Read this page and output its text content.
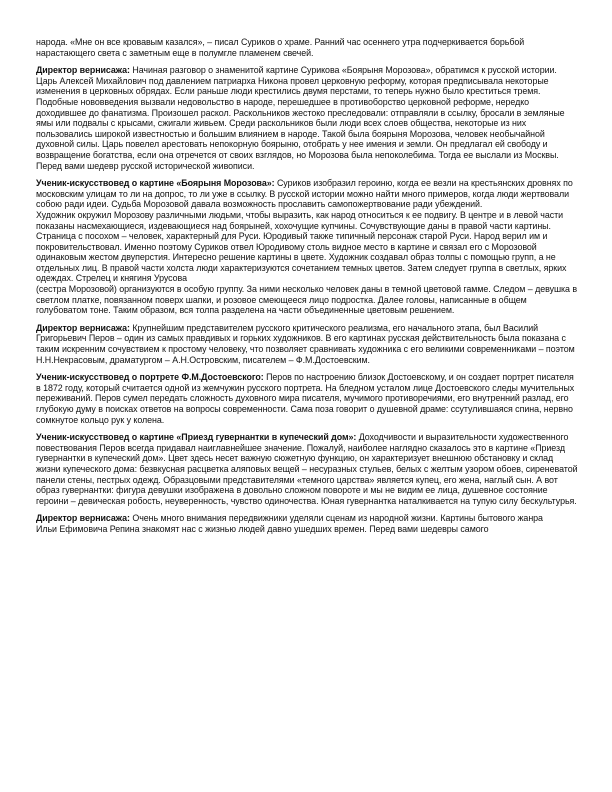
народа. «Мне он все кровавым казался», – писал Суриков о храме. Ранний час осеннего утра подчеркивается борьбой нарастающего света с заметным еще в полумгле пламенем свечей.

Директор вернисажа: Начиная разговор о знаменитой картине Сурикова «Боярыня Морозова», обратимся к русской истории. Царь Алексей Михайлович под давлением патриарха Никона провел церковную реформу, которая предписывала некоторые изменения в церковных обрядах. Если раньше люди крестились двумя перстами, то теперь нужно было креститься тремя. Подобные нововведения вызвали недовольство в народе, перешедшее в противоборство церковной реформе, нередко доходившее до фанатизма. Произошел раскол. Раскольников жестоко преследовали: отправляли в ссылку, бросали в земляные ямы или подвалы с крысами, сжигали живьем. Среди раскольников были люди всех слоев общества, некоторые из них пользовались широкой известностью и большим влиянием в народе. Такой была боярыня Морозова, человек необычайной духовной силы. Царь повелел арестовать непокорную боярыню, отобрать у нее имения и земли. Он предлагал ей свободу и возвращение богатства, если она отречется от своих взглядов, но Морозова была непоколебима. Тогда ее выслали из Москвы.

Перед вами шедевр русской исторической живописи.

Ученик-искусствовед о картине «Боярыня Морозова»: Суриков изобразил героиню, когда ее везли на крестьянских дровнях по московским улицам то ли на допрос, то ли уже в ссылку. В русской истории можно найти много примеров, когда люди жертвовали собою ради идеи. Судьба Морозовой давала возможность прославить самопожертвование ради убеждений.

Художник окружил Морозову различными людьми, чтобы выразить, как народ относиться к ее подвигу. В центре и в левой части показаны насмехающиеся, издевающиеся над боярыней, хохочущие купчины. Сочувствующие даны в правой части картины. Страница с посохом – человек, характерный для Руси. Юродивый также типичный персонаж старой Руси. Народ верил им и покровительствовал. Именно поэтому Суриков отвел Юродивому столь видное место в картине и связал его с Морозовой одинаковым жестом двуперстия. Интересно решение картины в цвете. Художник создавал образ толпы с помощью групп, а не отдельных лиц. В правой части холста люди характеризуются сочетанием темных цветов. Затем следует группа в светлых, ярких одеждах. Стрелец и княгиня Урусова

(сестра Морозовой) организуются в особую группу. За ними несколько человек даны в темной цветовой гамме. Следом – девушка в светлом платке, повязанном поверх шапки, и розовое смеющееся лицо подростка. Далее головы, написанные в общем голубоватом тоне. Таким образом, вся толпа разделена на части объединенные цветовым решением.

Директор вернисажа: Крупнейшим представителем русского критического реализма, его начального этапа, был Василий Григорьевич Перов – один из самых правдивых и горьких художников. В его картинах русская действительность была показана с таким искренним сочувствием к простому человеку, что позволяет сравнивать художника с его великими современниками – поэтом Н.Н.Некрасовым, драматургом – А.Н.Островским, писателем – Ф.М.Достоевским.

Ученик-искусствовед о портрете Ф.М.Достоевского: Перов по настроению близок Достоевскому, и он создает портрет писателя в 1872 году, который считается одной из жемчужин русского портрета. На бледном усталом лице Достоевского следы мучительных переживаний. Перов сумел передать сложность духовного мира писателя, мучимого противоречиями, его внутренний разлад, его глубокую думу в поисках ответов на вопросы современности. Сама поза говорит о душевной драме: ссутулившаяся спина, нервно сомкнутое кольцо рук у колена.

Ученик-искусствовед о картине «Приезд гувернантки в купеческий дом»: Доходчивости и выразительности художественного повествования Перов всегда придавал наиглавнейшее значение. Пожалуй, наиболее наглядно сказалось это в картине «Приезд гувернантки в купеческий дом». Цвет здесь несет важную сюжетную функцию, он характеризует внешнюю обстановку и склад жизни купеческого дома: безвкусная расцветка аляповых вещей – несуразных стульев, белых с желтым узором обоев, сиреневатой панели стены, пестрых одежд. Образцовыми представителями «темного царства» является купец, его жена, наглый сын. А вот образ гувернантки: фигура девушки изображена в довольно сложном повороте и мы не видим ее лица, душевное состояние героини – девическая робость, неуверенность, чувство одиночества. Юная гувернантка наталкивается на тупую силу бескультурья.

Директор вернисажа: Очень много внимания передвижники уделяли сценам из народной жизни. Картины бытового жанра

Ильи Ефимовича Репина знакомят нас с жизнью людей давно ушедших времен. Перед вами шедевры самого
